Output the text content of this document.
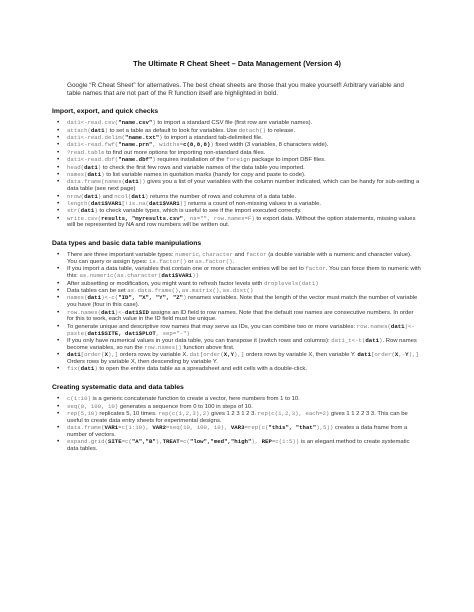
The Ultimate R Cheat Sheet – Data Management (Version 4)

Google “R Cheat Sheet” for alternatives. The best cheat sheets are those that you make yourself! Arbitrary variable and table names that are not part of the R function itself are highlighted in bold.

Import, export, and quick checks
• dat1<-read.csv("name.csv") to import a standard CSV file (first row are variable names).
• attach(dat1) to set a table as default to look for variables. Use detach() to release.
• dat1<-read.delim("name.txt") to import a standard tab-delimited file.
• dat1<-read.fwf("name.prn", widths=c(8,8,8)) fixed width (3 variables, 8 characters wide).
• ?read.table to find out more options for importing non-standard data files.
• dat1<-read.dbf("name.dbf") requires installation of the foreign package to import DBF files.
• head(dat1) to check the first few rows and variable names of the data table you imported.
• names(dat1) to list variable names in quotation marks (handy for copy and paste to code).
• data.frame(names(dat1)) gives you a list of your variables with the column number indicated, which can be handy for sub-setting a data table (see next page)
• nrow(dat1) and ncol(dat1) returns the number of rows and columns of a data table.
• length(dat1$VAR1[!is.na(dat1$VAR1)] returns a count of non-missing values in a variable.
• str(dat1) to check variable types, which is useful to see if the import executed correctly.
• write.csv(results, "myresults.csv", na="", row.names=F) to export data. Without the option statements, missing values will be represented by NA and row numbers will be written out.
Data types and basic data table manipulations
• There are three important variable types: numeric, character and factor (a double variable with a numeric and character value). You can query or assign types: is.factor() or as.factor().
• If you import a data table, variables that contain one or more character entries will be set to factor. You can force them to numeric with this: as.numeric(as.character(dat1$VAR1))
• After subsetting or modification, you might want to refresh factor levels with droplevels(dat1)
• Data tables can be set as.data.frame(), as.matrix(), as.dist()
• names(dat1)<-c("ID", "X", "Y", "Z") renames variables. Note that the length of the vector must match the number of variable you have (four in this case).
• row.names(dat1)<-dat1$ID assigns an ID field to row names. Note that the default row names are consecutive numbers. In order for this to work, each value in the ID field must be unique.
• To generate unique and descriptive row names that may serve as IDs, you can combine two or more variables: row.names(dat1)<-paste(dat1$SITE, dat1$PLOT, sep="-")
• If you only have numerical values in your data table, you can transpose it (switch rows and columns): dat1_t<-t(dat1). Row names become variables, so run the row.names() function above first.
• dat1[order(X),] orders rows by variable X. dat[order(X,Y),] orders rows by variable X, then variable Y. dat1[order(X,-Y),] Orders rows by variable X, then descending by variable Y.
• fix(dat1) to open the entire data table as a spreadsheet and edit cells with a double-click.
Creating systematic data and data tables
• c(1:10) is a generic concatenate function to create a vector, here numbers from 1 to 10.
• seq(0, 100, 10) generates a sequence from 0 to 100 in steps of 10.
• rep(5,10) replicates 5, 10 times. rep(c(1,2,3),2) gives 1 2 3 1 2 3. rep(c(1,2,3), each=2) gives 1 1 2 2 3 3. This can be useful to create data entry sheets for experimental designs.
• data.frame(VAR1=c(1:10), VAR2=seq(10, 100, 10), VAR3=rep(c("this", "that"),5)) creates a data frame from a number of vectors.
• expand.grid(SITE=c("A","B"),TREAT=c("low","med","high"), REP=c(1:5)) is an elegant method to create systematic data tables.
